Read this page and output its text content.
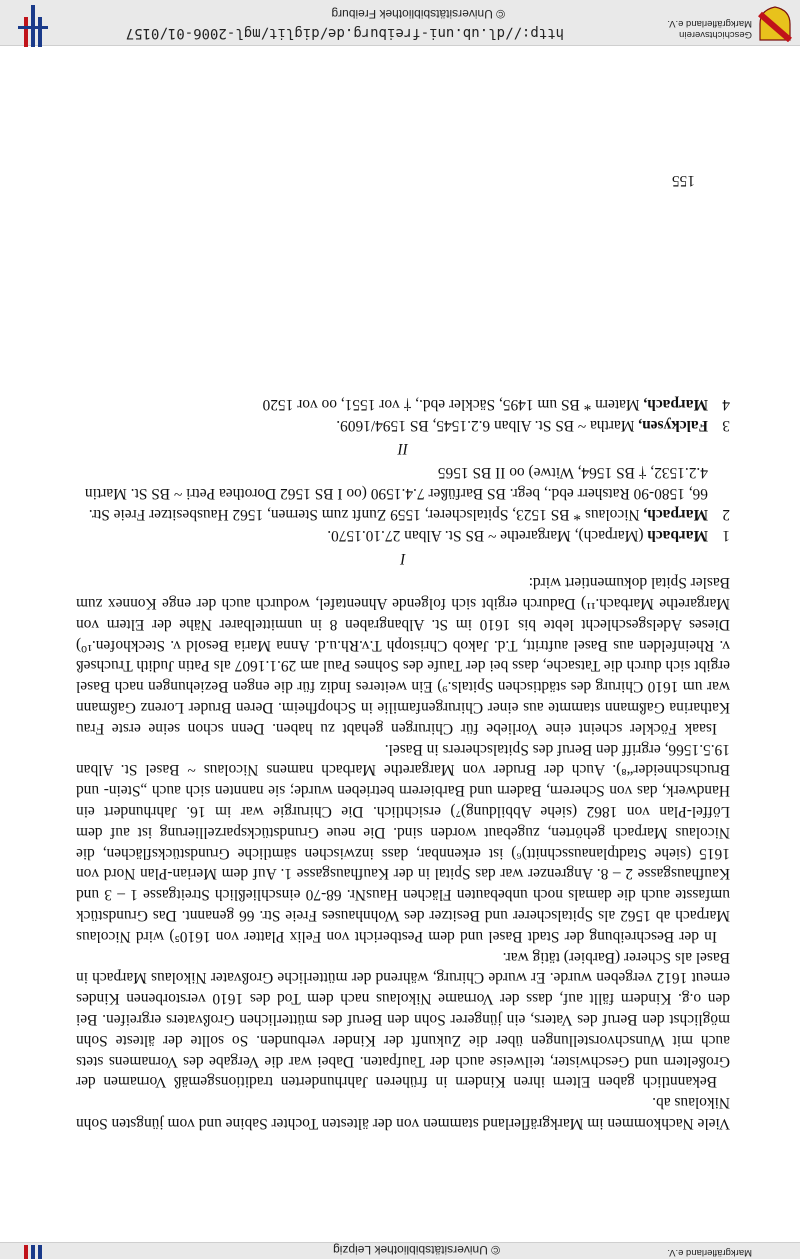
© Universitätsbibliothek Leipzig	Markgräflerland e.V.

Viele Nachkommen im Markgräflerland stammen von der ältesten Tochter Sabine und vom jüngsten Sohn Nikolaus ab.

Bekanntlich gaben Eltern ihren Kindern in früheren Jahrhunderten traditionsgemäß Vornamen der Großeltern und Geschwister, teilweise auch der Taufpaten. Dabei war die Vergabe des Vornamens stets auch mit Wunschvorstellungen über die Zukunft der Kinder verbunden. So sollte der älteste Sohn möglichst den Beruf des Vaters, ein jüngerer Sohn den Beruf des mütterlichen Großvaters ergreifen. Bei den o.g. Kindern fällt auf, dass der Vorname Nikolaus nach dem Tod des 1610 verstorbenen Kindes erneut 1612 vergeben wurde. Er wurde Chirurg, während der mütterliche Großvater Nikolaus Marpach in Basel als Scherer (Barbier) tätig war.

In der Beschreibung der Stadt Basel und dem Pestbericht von Felix Platter von 1610⁵) wird Nicolaus Marpach ab 1562 als Spitalscherer und Besitzer des Wohnhauses Freie Str. 66 genannt. Das Grundstück umfasste auch die damals noch unbebauten Flächen HausNr. 68-70 einschließlich Streitgasse 1 – 3 und Kaufhausgasse 2 – 8. Angrenzer war das Spital in der Kaufhausgasse 1. Auf dem Merian-Plan Nord von 1615 (siehe Stadtplanausschnitt)⁶) ist erkennbar, dass inzwischen sämtliche Grundstücksflächen, die Nicolaus Marpach gehörten, zugebaut worden sind. Die neue Grundstücksparzellierung ist auf dem Löffel-Plan von 1862 (siehe Abbildung)⁷) ersichtlich. Die Chirurgie war im 16. Jahrhundert ein Handwerk, das von Scherern, Badern und Barbierern betrieben wurde; sie nannten sich auch „Stein- und Bruchschneider“⁸). Auch der Bruder von Margarethe Marbach namens Nicolaus ~ Basel St. Alban 19.5.1566, ergriff den Beruf des Spitalscherers in Basel.

Isaak Föckler scheint eine Vorliebe für Chirurgen gehabt zu haben. Denn schon seine erste Frau Katharina Gaßmann stammte aus einer Chirurgenfamilie in Schopfheim. Deren Bruder Lorenz Gaßmann war um 1610 Chirurg des städtischen Spitals.⁹) Ein weiteres Indiz für die engen Beziehungen nach Basel ergibt sich durch die Tatsache, dass bei der Taufe des Sohnes Paul am 29.1.1607 als Patin Judith Truchseß v. Rheinfelden aus Basel auftritt, T.d. Jakob Christoph T.v.Rh.u.d. Anna Maria Besold v. Steckhofen.¹⁰) Dieses Adelsgeschlecht lebte bis 1610 im St. Albangraben 8 in unmittelbarer Nähe der Eltern von Margarethe Marbach.¹¹) Dadurch ergibt sich folgende Ahnentafel, wodurch auch der enge Konnex zum Basler Spital dokumentiert wird:

I

1
Marbach (Marpach), Margarethe ~ BS St. Alban 27.10.1570.
2
Marpach, Nicolaus * BS 1523, Spitalscherer, 1559 Zunft zum Sternen, 1562 Hausbesitzer Freie Str. 66, 1580-90 Ratsherr ebd., begr. BS Barfüßer 7.4.1590 (oo I BS 1562 Dorothea Petri ~ BS St. Martin 4.2.1532, † BS 1564, Witwe) oo II BS 1565

II

3
Falckysen, Martha ~ BS St. Alban 6.2.1545, BS 1594/1609.
4
Marpach, Matern * BS um 1495, Säckler ebd., † vor 1551, oo vor 1520
155
Geschichtsverein
Markgräflerland e.V.
http://dl.ub.uni-freiburg.de/diglit/mgl-2006-01/0157
© Universitätsbibliothek Freiburg
